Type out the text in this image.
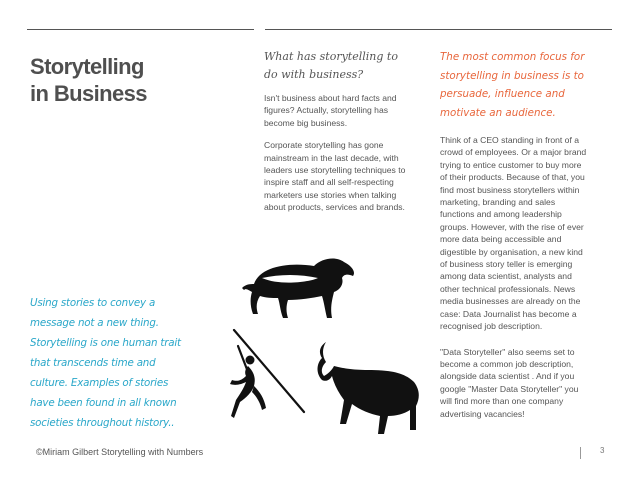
Storytelling
in Business
Using stories to convey a
message not a new thing.
Storytelling is one human trait
that transcends time and
culture. Examples of stories
have been found in all known
societies throughout history..
©Miriam Gilbert Storytelling with Numbers

What has storytelling to
do with business?

Isn't business about hard facts and
figures? Actually, storytelling has
become big business.

Corporate storytelling has gone
mainstream in the last decade, with
leaders use storytelling techniques to
inspire staff and all self-respecting
marketers use stories when talking
about products, services and brands.

The most common focus for
storytelling in business is to
persuade, influence and
motivate an audience.

Think of a CEO standing in front of a
crowd of employees. Or a major brand
trying to entice customer to buy more
of their products. Because of that, you
find most business storytellers within
marketing, branding and sales
functions and among leadership
groups. However, with the rise of ever
more data being accessible and
digestible by organisation, a new kind
of business story teller is emerging
among data scientist, analysts and
other technical professionals. News
media businesses are already on the
case: Data Journalist has become a
recognised job description.

"Data Storyteller" also seems set to
become a common job description,
alongside data scientist . And if you
google "Master Data Storyteller" you
will find more than one company
advertising vacancies!

3
